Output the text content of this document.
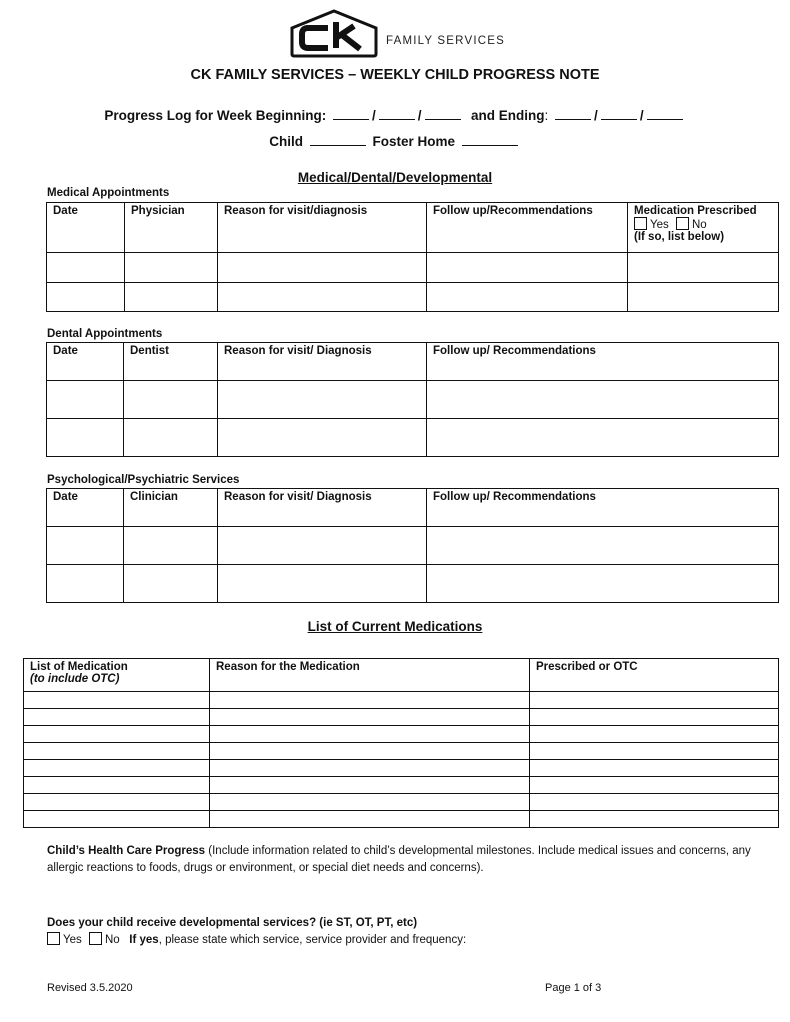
FAMILY SERVICES
CK FAMILY SERVICES – WEEKLY CHILD PROGRESS NOTE
Progress Log for Week Beginning:	/	/	and Ending:	/	/
Child	Foster Home
Medical/Dental/Developmental
Medical Appointments
Date	Physician	Reason for visit/diagnosis	Follow up/Recommendations	Medication Prescribed
Yes No
(If so, list below)

Dental Appointments
Date	Dentist	Reason for visit/ Diagnosis	Follow up/ Recommendations

Psychological/Psychiatric Services
Date	Clinician	Reason for visit/ Diagnosis	Follow up/ Recommendations

List of Current Medications
List of Medication
(to include OTC)	Reason for the Medication	Prescribed or OTC

Child’s Health Care Progress (Include information related to child’s developmental milestones. Include medical issues and concerns, any allergic reactions to foods, drugs or environment, or special diet needs and concerns).
Does your child receive developmental services? (ie ST, OT, PT, etc)
Yes No If yes, please state which service, service provider and frequency:
Revised 3.5.2020	Page 1 of 3
